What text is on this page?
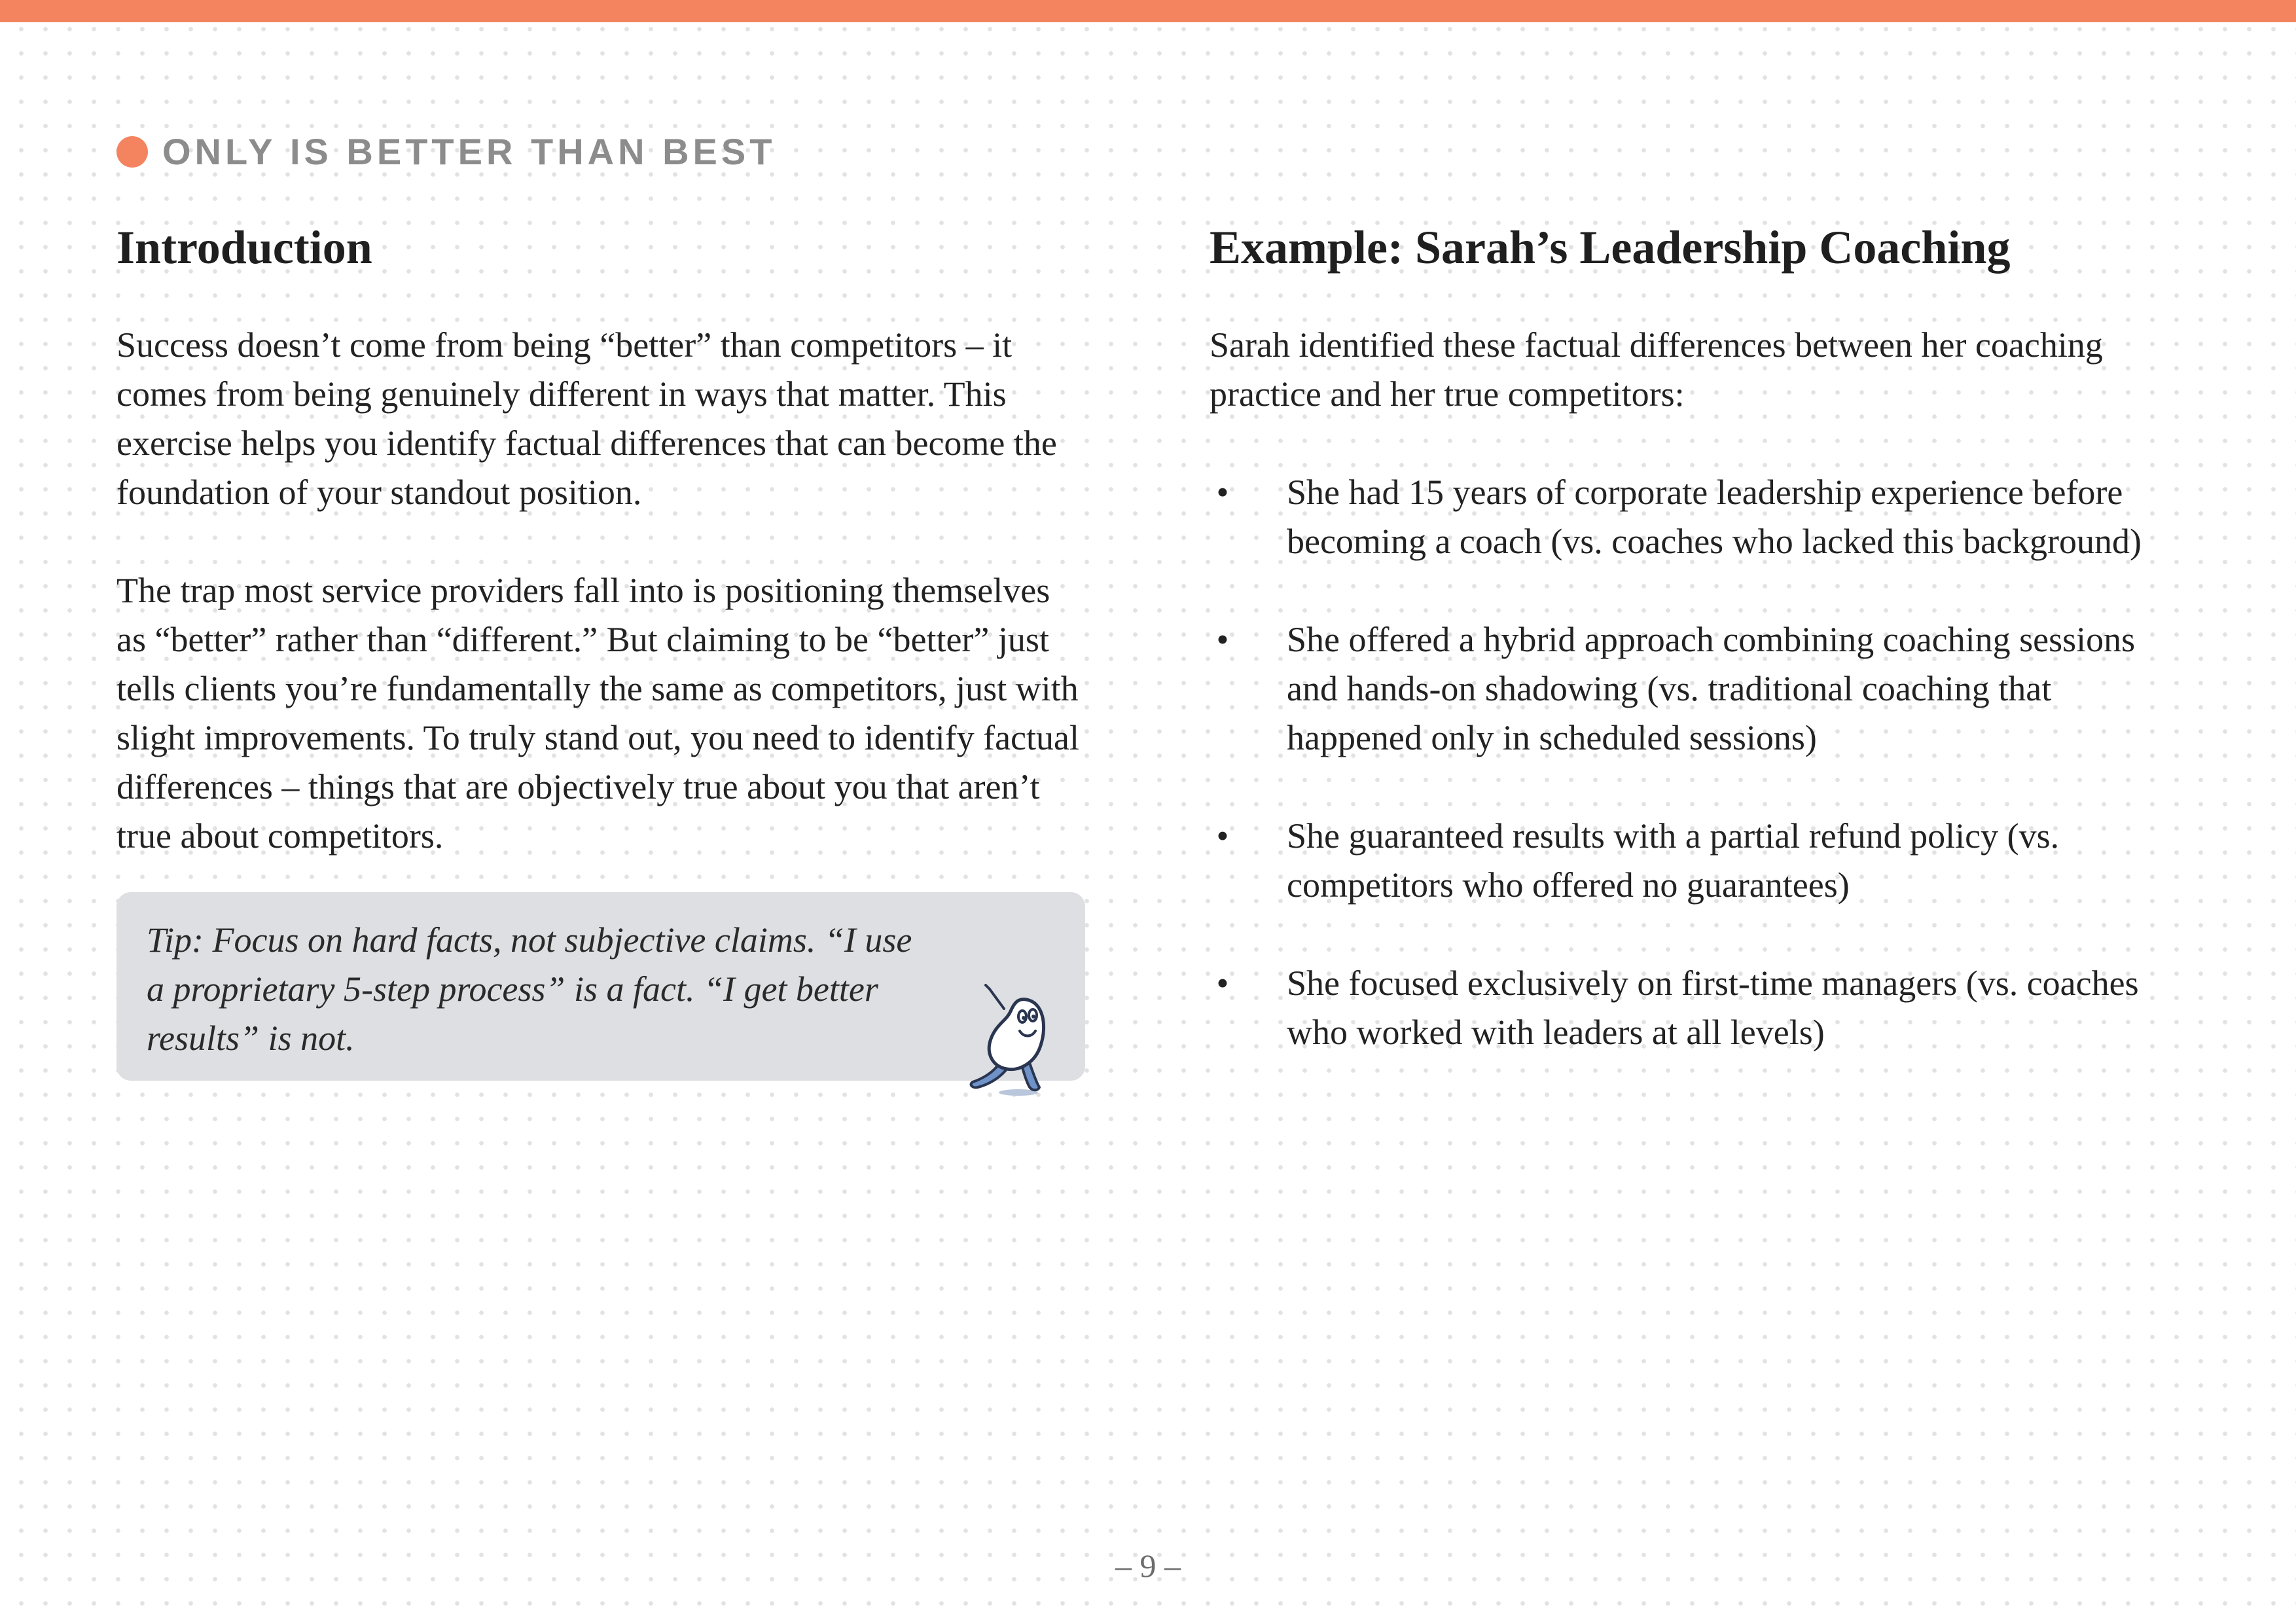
ONLY IS BETTER THAN BEST
Introduction

Success doesn’t come from being “better” than competitors – it comes from being genuinely different in ways that matter. This exercise helps you identify factual differences that can become the foundation of your standout position.

The trap most service providers fall into is positioning themselves as “better” rather than “different.” But claiming to be “better” just tells clients you’re fundamentally the same as competitors, just with slight improvements. To truly stand out, you need to identify factual differences – things that are objectively true about you that aren’t true about competitors.

Tip: Focus on hard facts, not subjective claims. “I use a proprietary 5-step process” is a fact. “I get better results” is not.

Example: Sarah’s Leadership Coaching

Sarah identified these factual differences between her coaching practice and her true competitors:

• She had 15 years of corporate leadership experience before becoming a coach (vs. coaches who lacked this background)
• She offered a hybrid approach combining coaching sessions and hands-on shadowing (vs. traditional coaching that happened only in scheduled sessions)
• She guaranteed results with a partial refund policy (vs. competitors who offered no guarantees)
• She focused exclusively on first-time managers (vs. coaches who worked with leaders at all levels)
– 9 –
